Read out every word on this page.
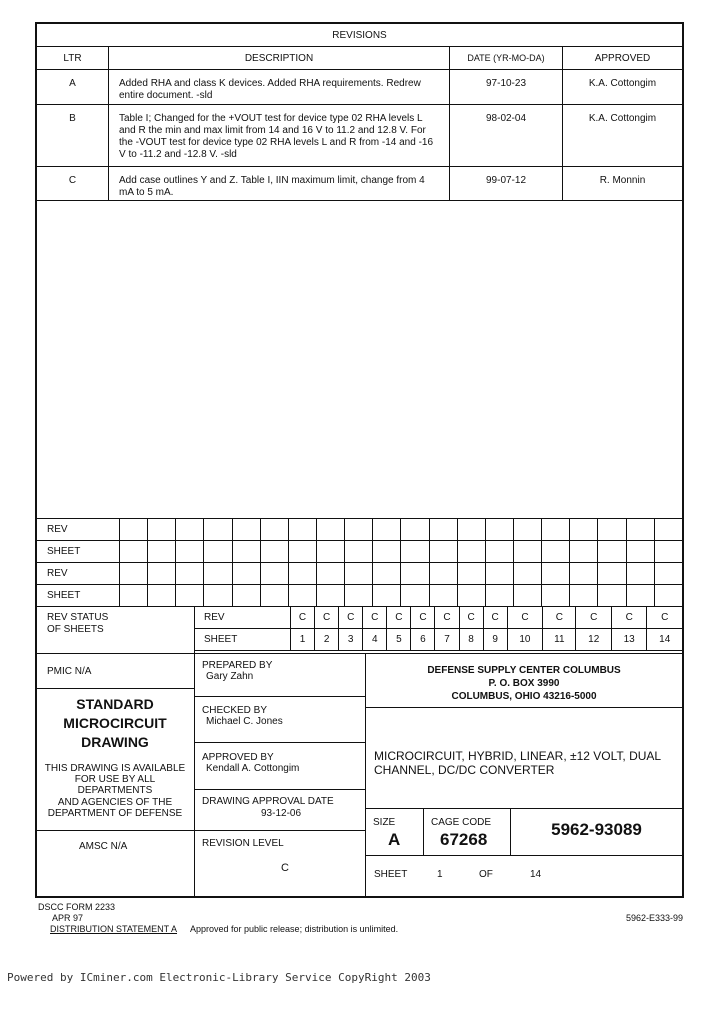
REVISIONS			
LTR	DESCRIPTION	DATE (YR-MO-DA)	APPROVED
A	Added RHA and class K devices. Added RHA requirements. Redrew entire document. -sld	97-10-23	K.A. Cottongim
B	Table I; Changed for the +VOUT test for device type 02 RHA levels L and R the min and max limit from 14 and 16 V to 11.2 and 12.8 V. For the -VOUT test for device type 02 RHA levels L and R from -14 and -16 V to -11.2 and -12.8 V. -sld	98-02-04	K.A. Cottongim
C	Add case outlines Y and Z. Table I, IIN maximum limit, change from 4 mA to 5 mA.	99-07-12	R. Monnin
REV																				
SHEET																				
REV																				
SHEET																				
REV STATUS
OF SHEETS
REV	C	C	C	C	C	C	C	C	C	C	C	C	C	C
SHEET	1	2	3	4	5	6	7	8	9	10	11	12	13	14
PMIC N/A
STANDARD
MICROCIRCUIT
DRAWING
THIS DRAWING IS AVAILABLE
FOR USE BY ALL
DEPARTMENTS
AND AGENCIES OF THE
DEPARTMENT OF DEFENSE
AMSC N/A
PREPARED BY
Gary Zahn
CHECKED BY
Michael C. Jones
APPROVED BY
Kendall A. Cottongim
DRAWING APPROVAL DATE
93-12-06
REVISION LEVEL
C
DEFENSE SUPPLY CENTER COLUMBUS
P. O. BOX 3990
COLUMBUS, OHIO 43216-5000
MICROCIRCUIT, HYBRID, LINEAR, ±12 VOLT, DUAL
CHANNEL, DC/DC CONVERTER
SIZE
A
CAGE CODE
67268
5962-93089
SHEET	1	OF	14
DSCC FORM 2233
APR 97
DISTRIBUTION STATEMENT A Approved for public release; distribution is unlimited.
5962-E333-99
Powered by ICminer.com Electronic-Library Service CopyRight 2003
